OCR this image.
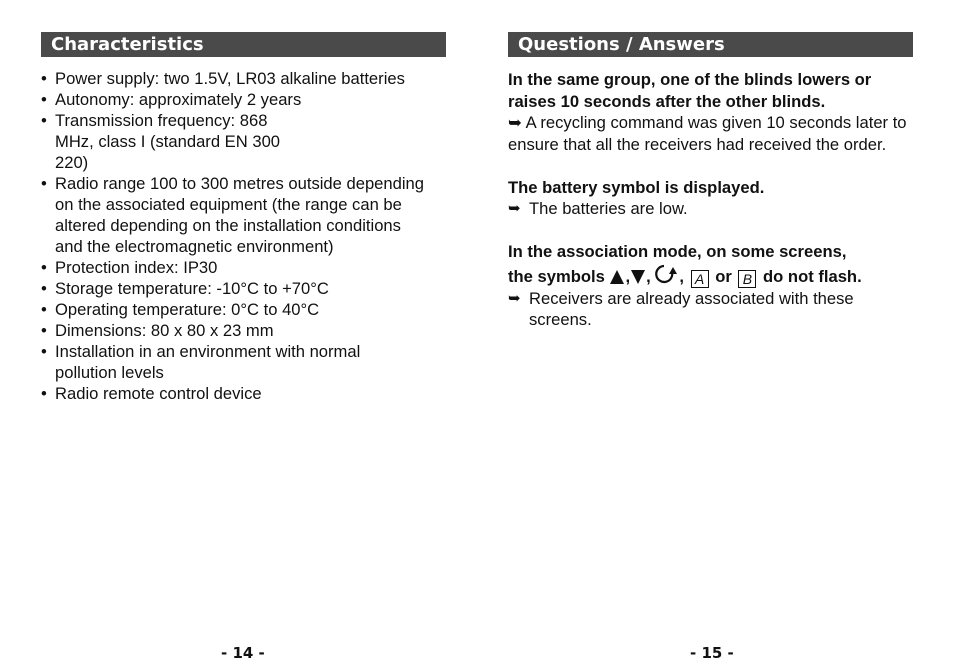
Characteristics
• Power supply: two 1.5V, LR03 alkaline batteries
• Autonomy: approximately 2 years
• Transmission frequency: 868 MHz, class I (standard EN 300 220)
• Radio range 100 to 300 metres outside depending on the associated equipment (the range can be altered depending on the installation conditions and the electromagnetic environment)
• Protection index: IP30
• Storage temperature: -10°C to +70°C
• Operating temperature: 0°C to 40°C
• Dimensions: 80 x 80 x 23 mm
• Installation in an environment with normal pollution levels
• Radio remote control device
- 14 -
Questions / Answers
In the same group, one of the blinds lowers or raises 10 seconds after the other blinds.
➥ A recycling command was given 10 seconds later to ensure that all the receivers had received the order.
The battery symbol is displayed.
➥ The batteries are low.
In the association mode, on some screens,
the symbols , , , A or B do not flash.
➥ Receivers are already associated with these screens.
- 15 -
